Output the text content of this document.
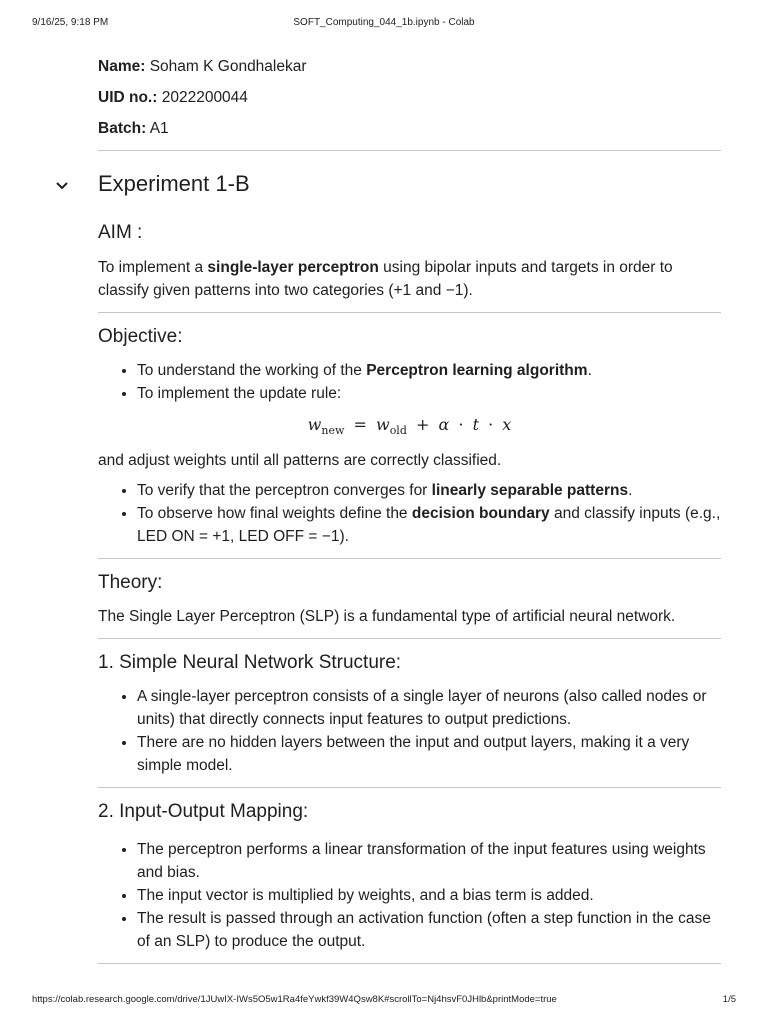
9/16/25, 9:18 PM	SOFT_Computing_044_1b.ipynb - Colab

Name: Soham K Gondhalekar

UID no.: 2022200044

Batch: A1

Experiment 1-B
AIM :

To implement a single-layer perceptron using bipolar inputs and targets in order to classify given patterns into two categories (+1 and −1).

Objective:
• To understand the working of the Perceptron learning algorithm.
• To implement the update rule:
$w_{new} = w_{old} + \alpha \cdot t \cdot x$

and adjust weights until all patterns are correctly classified.

• To verify that the perceptron converges for linearly separable patterns.
• To observe how final weights define the decision boundary and classify inputs (e.g., LED ON = +1, LED OFF = −1).
Theory:

The Single Layer Perceptron (SLP) is a fundamental type of artificial neural network.

1. Simple Neural Network Structure:
• A single-layer perceptron consists of a single layer of neurons (also called nodes or units) that directly connects input features to output predictions.
• There are no hidden layers between the input and output layers, making it a very simple model.
2. Input-Output Mapping:
• The perceptron performs a linear transformation of the input features using weights and bias.
• The input vector is multiplied by weights, and a bias term is added.
• The result is passed through an activation function (often a step function in the case of an SLP) to produce the output.
https://colab.research.google.com/drive/1JUwIX-IWs5O5w1Ra4feYwkf39W4Qsw8K#scrollTo=Nj4hsvF0JHlb&printMode=true	1/5
